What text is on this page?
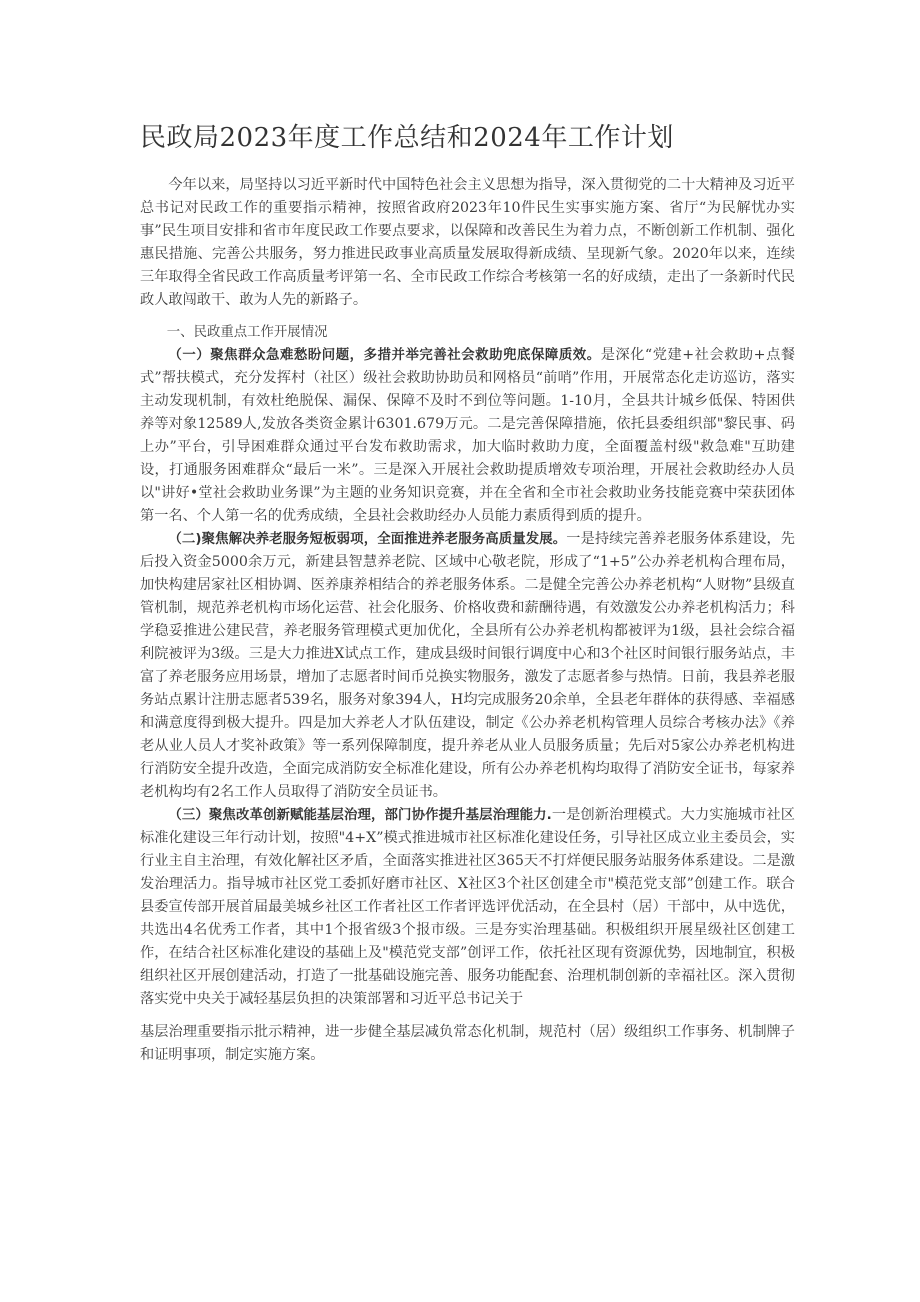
民政局2023年度工作总结和2024年工作计划

今年以来，局坚持以习近平新时代中国特色社会主义思想为指导，深入贯彻党的二十大精神及习近平总书记对民政工作的重要指示精神，按照省政府2023年10件民生实事实施方案、省厅“为民解忧办实事”民生项目安排和省市年度民政工作要点要求，以保障和改善民生为着力点，不断创新工作机制、强化惠民措施、完善公共服务，努力推进民政事业高质量发展取得新成绩、呈现新气象。2020年以来，连续三年取得全省民政工作高质量考评第一名、全市民政工作综合考核第一名的好成绩，走出了一条新时代民政人敢闯敢干、敢为人先的新路子。

一、民政重点工作开展情况

（一）聚焦群众急难愁盼问题，多措并举完善社会救助兜底保障质效。是深化“党建+社会救助+点餐式”帮扶模式，充分发挥村（社区）级社会救助协助员和网格员“前哨”作用，开展常态化走访巡访，落实主动发现机制，有效杜绝脱保、漏保、保障不及时不到位等问题。1-10月，全县共计城乡低保、特困供养等对象12589人,发放各类资金累计6301.679万元。二是完善保障措施，依托县委组织部"黎民事、码上办”平台，引导困难群众通过平台发布救助需求，加大临时救助力度，全面覆盖村级"救急难"互助建设，打通服务困难群众“最后一米”。三是深入开展社会救助提质增效专项治理，开展社会救助经办人员以"讲好•堂社会救助业务课”为主题的业务知识竞赛，并在全省和全市社会救助业务技能竞赛中荣获团体第一名、个人第一名的优秀成绩，全县社会救助经办人员能力素质得到质的提升。

（二)聚焦解决养老服务短板弱项，全面推进养老服务高质量发展。一是持续完善养老服务体系建设，先后投入资金5000余万元，新建县智慧养老院、区域中心敬老院，形成了“1+5”公办养老机构合理布局，加快构建居家社区相协调、医养康养相结合的养老服务体系。二是健全完善公办养老机构“人财物”县级直管机制，规范养老机构市场化运营、社会化服务、价格收费和薪酬待遇，有效激发公办养老机构活力；科学稳妥推进公建民营，养老服务管理模式更加优化，全县所有公办养老机构都被评为1级，县社会综合福利院被评为3级。三是大力推进X试点工作，建成县级时间银行调度中心和3个社区时间银行服务站点，丰富了养老服务应用场景，增加了志愿者时间币兑换实物服务，激发了志愿者参与热情。日前，我县养老服务站点累计注册志愿者539名，服务对象394人，H均完成服务20余单，全县老年群体的获得感、幸福感和满意度得到极大提升。四是加大养老人才队伍建设，制定《公办养老机构管理人员综合考核办法》《养老从业人员人才奖补政策》等一系列保障制度，提升养老从业人员服务质量；先后对5家公办养老机构进行消防安全提升改造，全面完成消防安全标准化建设，所有公办养老机构均取得了消防安全证书，每家养老机构均有2名工作人员取得了消防安全员证书。

（三）聚焦改革创新赋能基层治理，部门协作提升基层治理能力.一是创新治理模式。大力实施城市社区标准化建设三年行动计划，按照"4+X”模式推进城市社区标准化建设任务，引导社区成立业主委员会，实行业主自主治理，有效化解社区矛盾，全面落实推进社区365天不打烊便民服务站服务体系建设。二是激发治理活力。指导城市社区党工委抓好磨市社区、X社区3个社区创建全市"模范党支部”创建工作。联合县委宣传部开展首届最美城乡社区工作者社区工作者评选评优活动，在全县村（居）干部中，从中选优，共选出4名优秀工作者，其中1个报省级3个报市级。三是夯实治理基础。积极组织开展星级社区创建工作，在结合社区标准化建设的基础上及"模范党支部”创评工作，依托社区现有资源优势，因地制宜，积极组织社区开展创建活动，打造了一批基础设施完善、服务功能配套、治理机制创新的幸福社区。深入贯彻落实党中央关于减轻基层负担的决策部署和习近平总书记关于

基层治理重要指示批示精神，进一步健全基层减负常态化机制，规范村（居）级组织工作事务、机制牌子和证明事项，制定实施方案。
